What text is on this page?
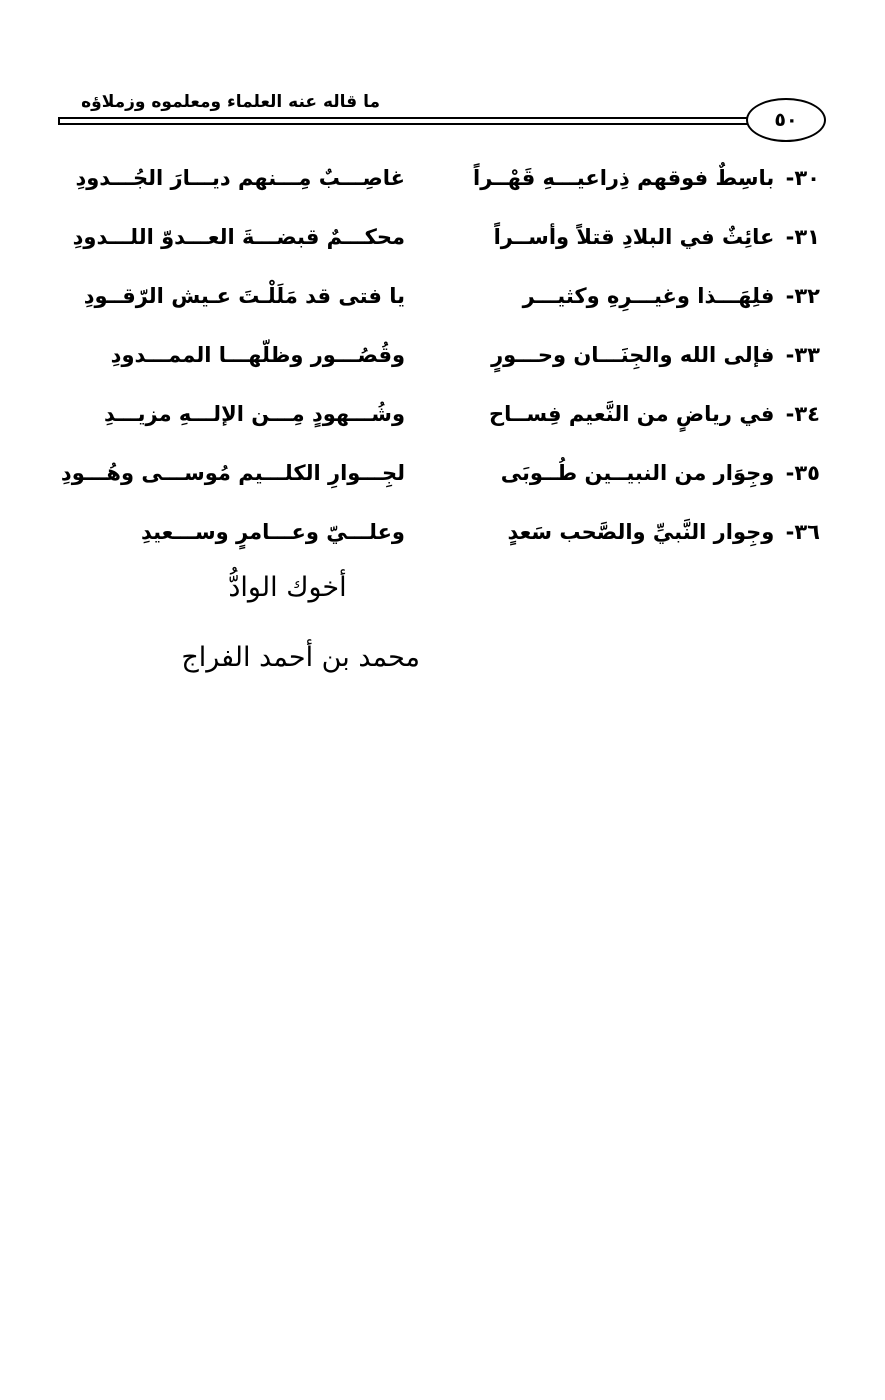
ما قاله عنه العلماء ومعلموه وزملاؤه
٥٠
٣٠- باسِطٌ فوقهم ذِراعيـــهِ قَهْــراً
غاصِـــبٌ مِـــنهم ديـــارَ الجُـــدودِ
٣١- عائِثٌ في البلادِ قتلاً وأســراً
محكـــمٌ قبضـــةَ العـــدوّ اللـــدودِ
٣٢- فلِهَـــذا وغيـــرِهِ وكثيـــر
يا فتى قد مَلَلْـتَ عـيش الرّقــودِ
٣٣- فإلى الله والجِنَـــان وحـــورٍ
وقُصُـــور وظلّهـــا الممـــدودِ
٣٤- في رياضٍ من النَّعيم فِســاح
وشُـــهودٍ مِـــن الإلـــهِ مزيـــدِ
٣٥- وجِوَار من النبيــين طُــوبَى
لجِـــوارِ الكلـــيم مُوســـى وهُـــودِ
٣٦- وجِوار النَّبيِّ والصَّحب سَعدٍ
وعلـــيّ وعـــامرٍ وســـعيدِ
أخوك الوادُّ
محمد بن أحمد الفراج
